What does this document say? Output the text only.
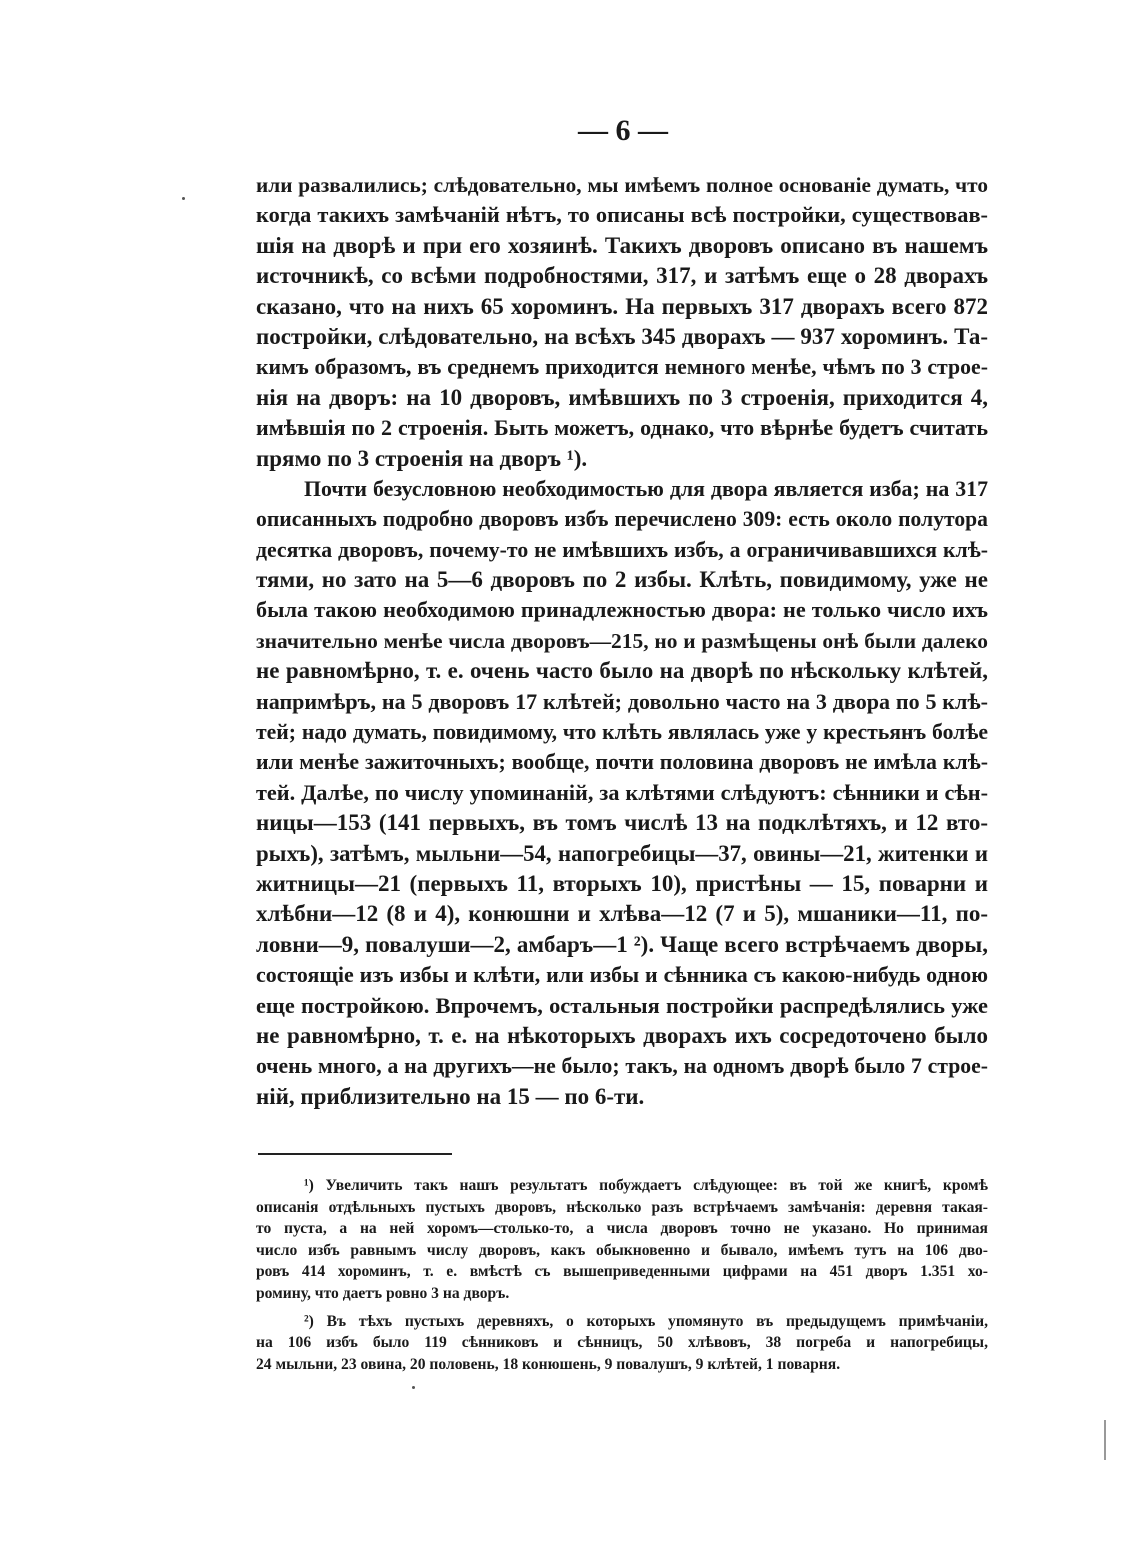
— 6 —
или развалились; слѣдовательно, мы имѣемъ полное основаніе думать, что
когда такихъ замѣчаній нѣтъ, то описаны всѣ постройки, существовав-
шія на дворѣ и при его хозяинѣ. Такихъ дворовъ описано въ нашемъ
источникѣ, со всѣми подробностями, 317, и затѣмъ еще о 28 дворахъ
сказано, что на нихъ 65 хороминъ. На первыхъ 317 дворахъ всего 872
постройки, слѣдовательно, на всѣхъ 345 дворахъ — 937 хороминъ. Та-
кимъ образомъ, въ среднемъ приходится немного менѣе, чѣмъ по 3 строе-
нія на дворъ: на 10 дворовъ, имѣвшихъ по 3 строенія, приходится 4,
имѣвшія по 2 строенія. Быть можетъ, однако, что вѣрнѣе будетъ считать
прямо по 3 строенія на дворъ ¹).
Почти безусловною необходимостью для двора является изба; на 317
описанныхъ подробно дворовъ избъ перечислено 309: есть около полутора
десятка дворовъ, почему-то не имѣвшихъ избъ, а ограничивавшихся клѣ-
тями, но зато на 5—6 дворовъ по 2 избы. Клѣть, повидимому, уже не
была такою необходимою принадлежностью двора: не только число ихъ
значительно менѣе числа дворовъ—215, но и размѣщены онѣ были далеко
не равномѣрно, т. е. очень часто было на дворѣ по нѣскольку клѣтей,
напримѣръ, на 5 дворовъ 17 клѣтей; довольно часто на 3 двора по 5 клѣ-
тей; надо думать, повидимому, что клѣть являлась уже у крестьянъ болѣе
или менѣе зажиточныхъ; вообще, почти половина дворовъ не имѣла клѣ-
тей. Далѣе, по числу упоминаній, за клѣтями слѣдуютъ: сѣнники и сѣн-
ницы—153 (141 первыхъ, въ томъ числѣ 13 на подклѣтяхъ, и 12 вто-
рыхъ), затѣмъ, мыльни—54, напогребицы—37, овины—21, житенки и
житницы—21 (первыхъ 11, вторыхъ 10), пристѣны — 15, поварни и
хлѣбни—12 (8 и 4), конюшни и хлѣва—12 (7 и 5), мшаники—11, по-
ловни—9, повалуши—2, амбаръ—1 ²). Чаще всего встрѣчаемъ дворы,
состоящіе изъ избы и клѣти, или избы и сѣнника съ какою-нибудь одною
еще постройкою. Впрочемъ, остальныя постройки распредѣлялись уже
не равномѣрно, т. е. на нѣкоторыхъ дворахъ ихъ сосредоточено было
очень много, а на другихъ—не было; такъ, на одномъ дворѣ было 7 строе-
ній, приблизительно на 15 — по 6-ти.
¹) Увеличить такъ нашъ результатъ побуждаетъ слѣдующее: въ той же книгѣ, кромѣ
описанія отдѣльныхъ пустыхъ дворовъ, нѣсколько разъ встрѣчаемъ замѣчанія: деревня такая-
то пуста, а на ней хоромъ—столько-то, а числа дворовъ точно не указано. Но принимая
число избъ равнымъ числу дворовъ, какъ обыкновенно и бывало, имѣемъ тутъ на 106 дво-
ровъ 414 хороминъ, т. е. вмѣстѣ съ вышеприведенными цифрами на 451 дворъ 1.351 хо-
ромину, что даетъ ровно 3 на дворъ.
²) Въ тѣхъ пустыхъ деревняхъ, о которыхъ упомянуто въ предыдущемъ примѣчаніи,
на 106 избъ было 119 сѣнниковъ и сѣнницъ, 50 хлѣвовъ, 38 погреба и напогребицы,
24 мыльни, 23 овина, 20 половень, 18 конюшень, 9 повалушъ, 9 клѣтей, 1 поварня.
